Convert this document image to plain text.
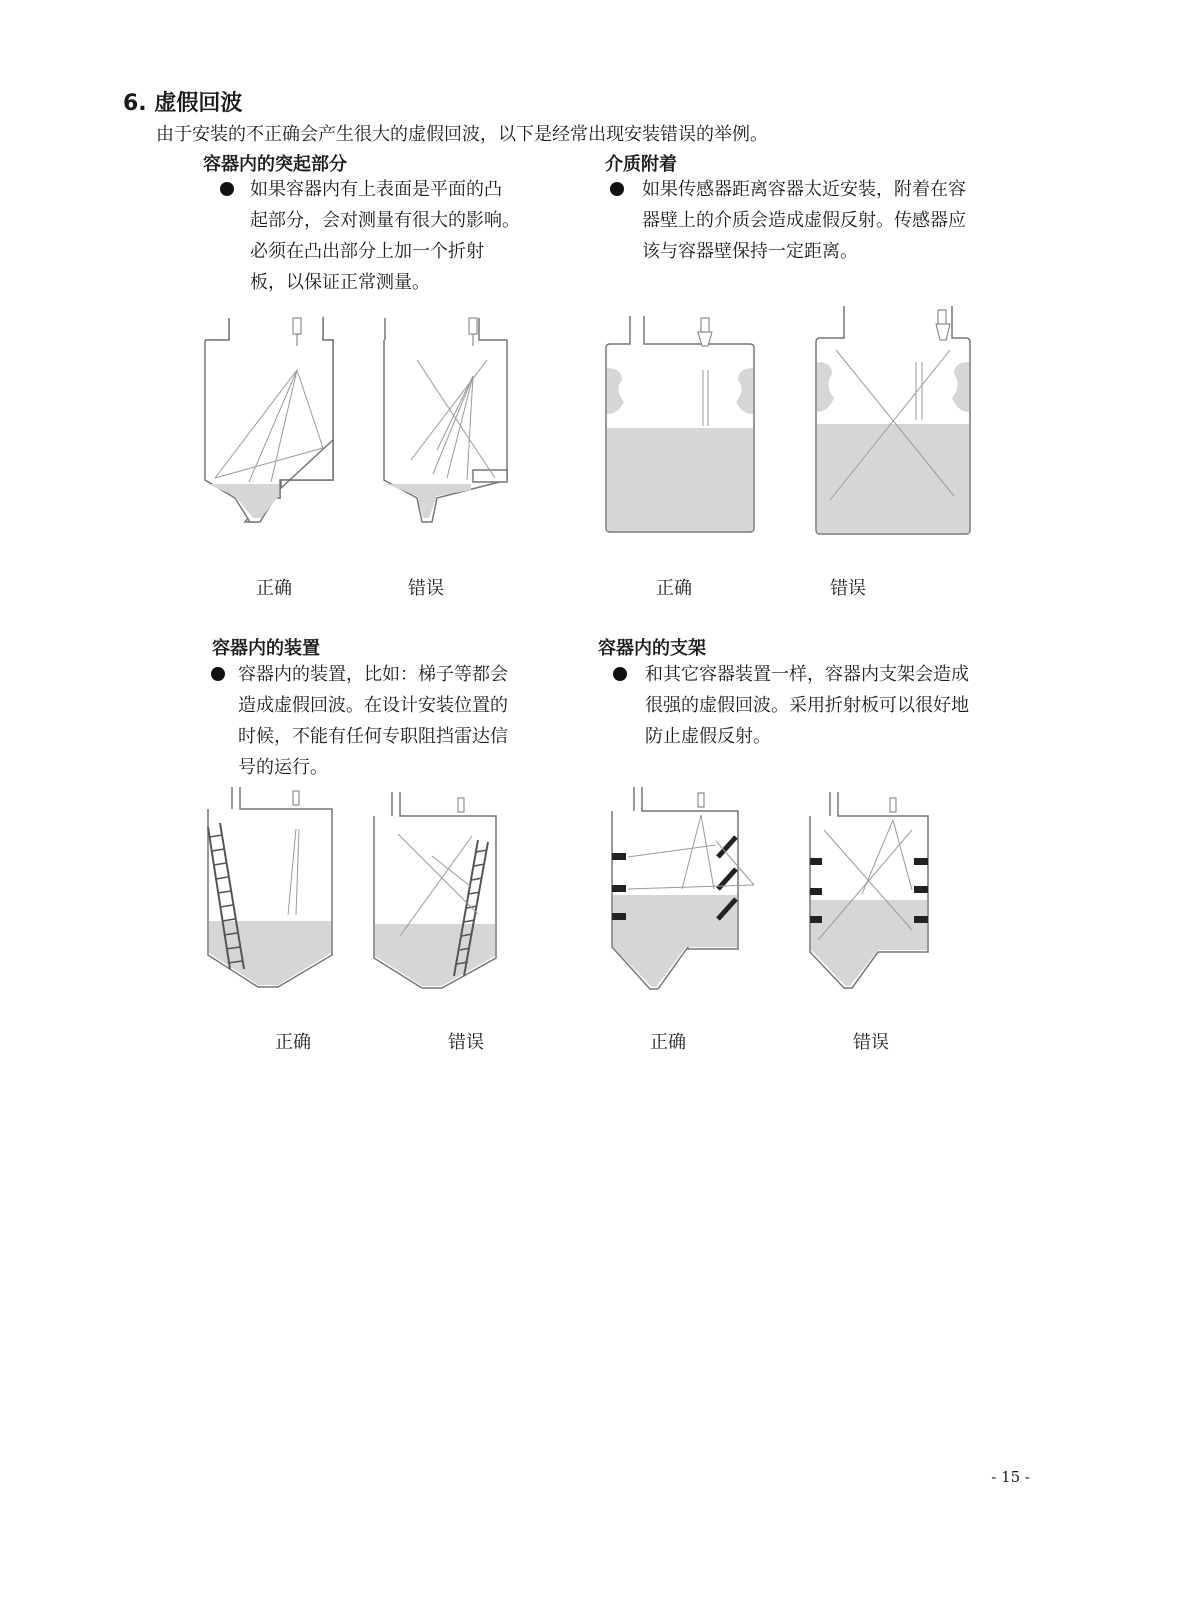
6. 虚假回波
由于安装的不正确会产生很大的虚假回波，以下是经常出现安装错误的举例。
容器内的突起部分
如果容器内有上表面是平面的凸
起部分，会对测量有很大的影响。
必须在凸出部分上加一个折射
板，以保证正常测量。
介质附着
如果传感器距离容器太近安装，附着在容
器壁上的介质会造成虚假反射。传感器应
该与容器壁保持一定距离。
正确	错误	正确	错误
容器内的装置
容器内的装置，比如：梯子等都会
造成虚假回波。在设计安装位置的
时候，不能有任何专职阻挡雷达信
号的运行。
容器内的支架
和其它容器装置一样，容器内支架会造成
很强的虚假回波。采用折射板可以很好地
防止虚假反射。
正确	错误	正确	错误
- 15 -
